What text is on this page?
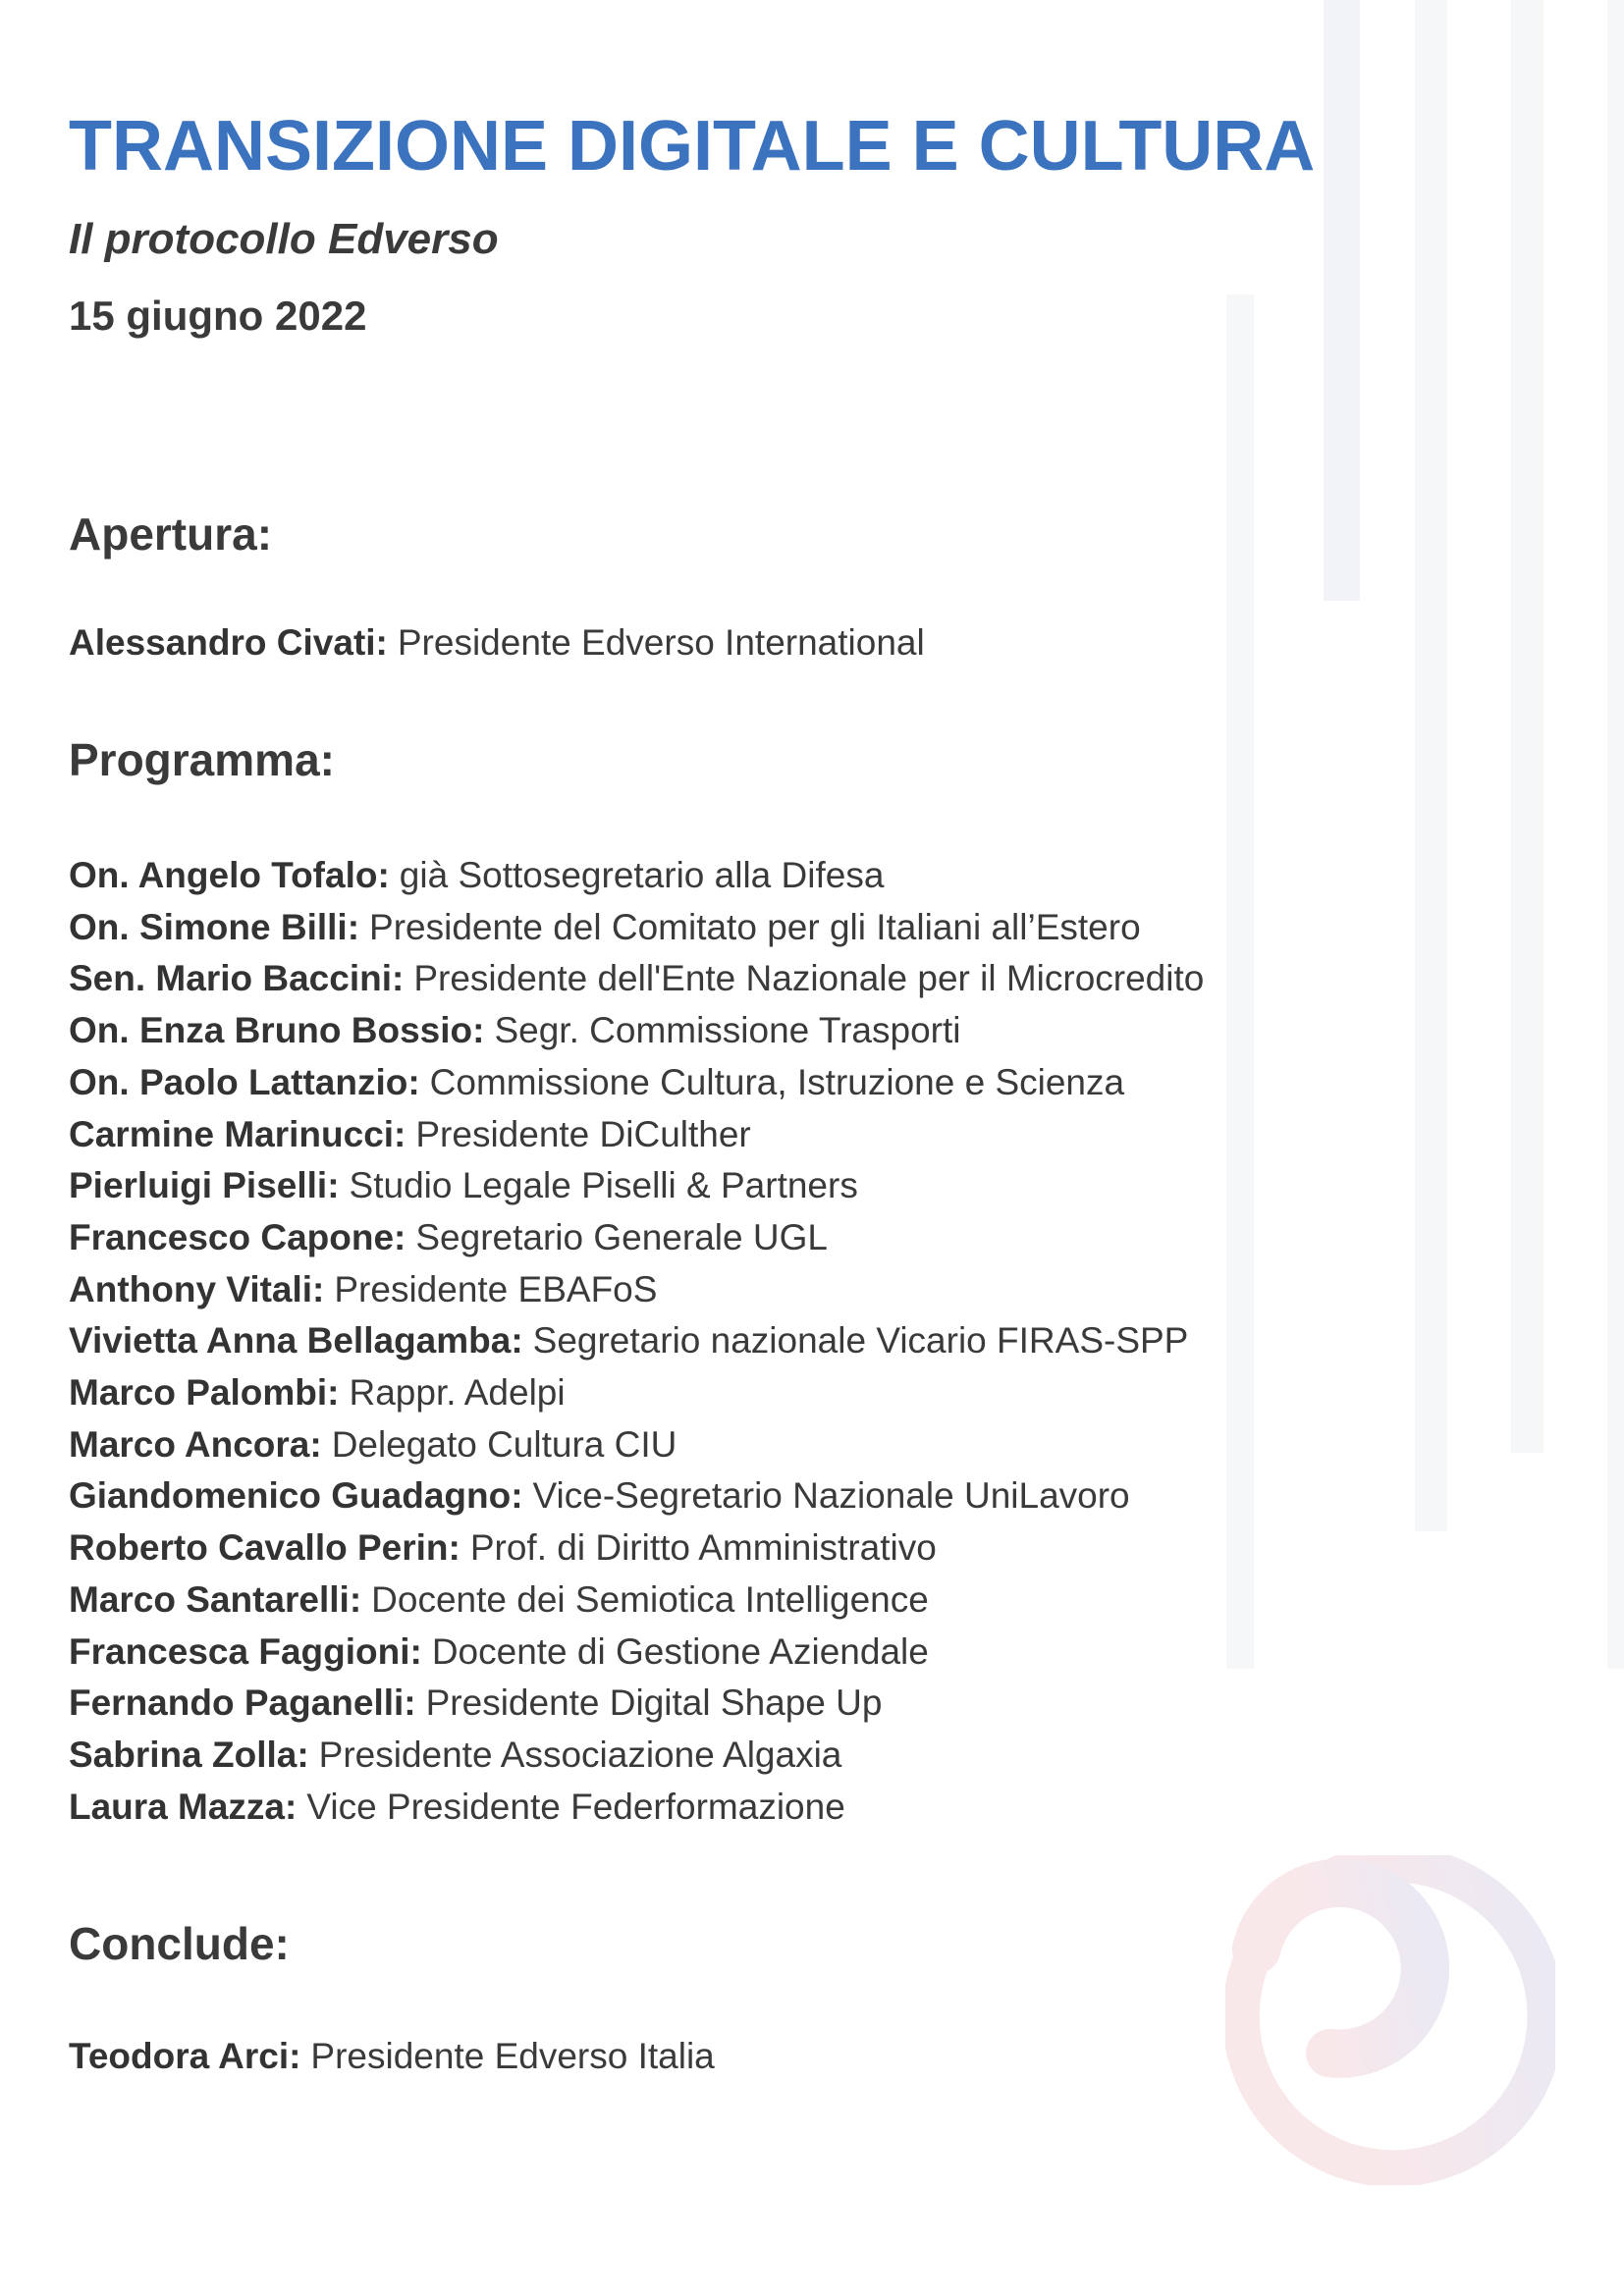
TRANSIZIONE DIGITALE E CULTURA

Il protocollo Edverso

15 giugno 2022

Apertura:

Alessandro Civati: Presidente Edverso International

Programma:
On. Angelo Tofalo: già Sottosegretario alla Difesa
On. Simone Billi: Presidente del Comitato per gli Italiani all’Estero
Sen. Mario Baccini: Presidente dell'Ente Nazionale per il Microcredito
On. Enza Bruno Bossio: Segr. Commissione Trasporti
On. Paolo Lattanzio: Commissione Cultura, Istruzione e Scienza
Carmine Marinucci: Presidente DiCulther
Pierluigi Piselli: Studio Legale Piselli & Partners
Francesco Capone: Segretario Generale UGL
Anthony Vitali: Presidente EBAFoS
Vivietta Anna Bellagamba: Segretario nazionale Vicario FIRAS-SPP
Marco Palombi: Rappr. Adelpi
Marco Ancora: Delegato Cultura CIU
Giandomenico Guadagno: Vice-Segretario Nazionale UniLavoro
Roberto Cavallo Perin: Prof. di Diritto Amministrativo
Marco Santarelli: Docente dei Semiotica Intelligence
Francesca Faggioni: Docente di Gestione Aziendale
Fernando Paganelli: Presidente Digital Shape Up
Sabrina Zolla: Presidente Associazione Algaxia
Laura Mazza: Vice Presidente Federformazione
Conclude:

Teodora Arci: Presidente Edverso Italia
